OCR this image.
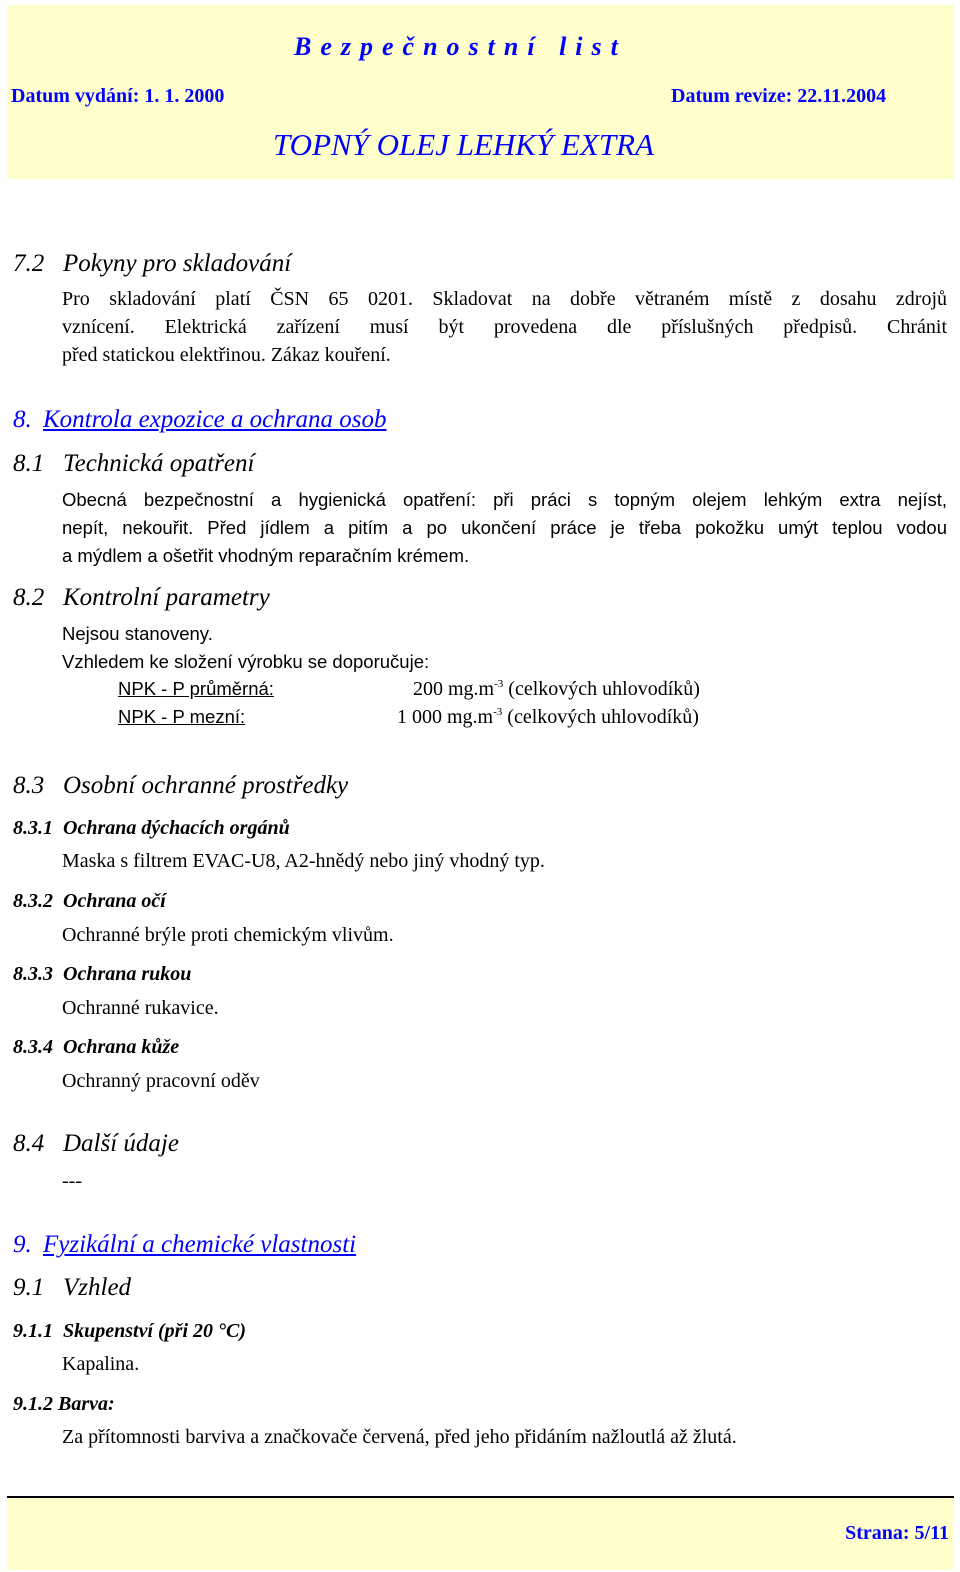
Bezpečnostní list
Datum vydání: 1. 1. 2000	Datum revize: 22.11.2004
TOPNÝ OLEJ LEHKÝ EXTRA
7.2 Pokyny pro skladování
Pro skladování platí ČSN 65 0201. Skladovat na dobře větraném místě z dosahu zdrojů
vznícení. Elektrická zařízení musí být provedena dle příslušných předpisů. Chránit
před statickou elektřinou. Zákaz kouření.
8. Kontrola expozice a ochrana osob
8.1 Technická opatření
Obecná bezpečnostní a hygienická opatření: při práci s topným olejem lehkým extra nejíst,
nepít, nekouřit. Před jídlem a pitím a po ukončení práce je třeba pokožku umýt teplou vodou
a mýdlem a ošetřit vhodným reparačním krémem.
8.2 Kontrolní parametry
Nejsou stanoveny.
Vzhledem ke složení výrobku se doporučuje:
NPK - P průměrná:	200 $mg.m^{-3}$ (celkových uhlovodíků)
NPK - P mezní:	1 000 $mg.m^{-3}$ (celkových uhlovodíků)
8.3 Osobní ochranné prostředky
8.3.1 Ochrana dýchacích orgánů
Maska s filtrem EVAC-U8, A2-hnědý nebo jiný vhodný typ.
8.3.2 Ochrana očí
Ochranné brýle proti chemickým vlivům.
8.3.3 Ochrana rukou
Ochranné rukavice.
8.3.4 Ochrana kůže
Ochranný pracovní oděv
8.4 Další údaje
---
9. Fyzikální a chemické vlastnosti
9.1 Vzhled
9.1.1 Skupenství (při 20 °C)
Kapalina.
9.1.2 Barva:
Za přítomnosti barviva a značkovače červená, před jeho přidáním nažloutlá až žlutá.
Strana: 5/11
